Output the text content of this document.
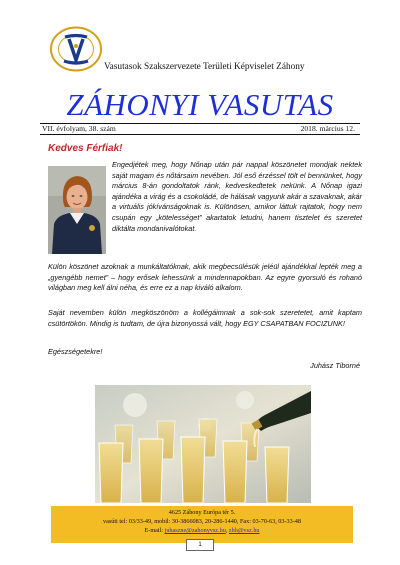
Vasutasok Szakszervezete Területi Képviselet Záhony
ZÁHONYI VASUTAS
VII. évfolyam, 38. szám	2018. március 12.
Kedves Férfiak!

Engedjétek meg, hogy Nőnap után pár nappal köszönetet mondjak nektek saját magam és nőtársaim nevében. Jól eső érzéssel tölt el bennünket, hogy március 8-án gondoltatok ránk, kedveskedtetek nekünk. A Nőnap igazi ajándéka a virág és a csokoládé, de hálásak vagyunk akár a szavaknak, akár a virtuális jókívánságoknak is. Különösen, amikor láttuk rajtatok, hogy nem csupán egy „kötelességet” akartatok letudni, hanem tisztelet és szeretet diktálta mondanivalótokat.

Külön köszönet azoknak a munkáltatóknak, akik megbecsülésük jeléül ajándékkal lepték meg a „gyengébb nemet” – hogy erősek lehessünk a mindennapokban. Az egyre gyorsuló és rohanó világban meg kell álni néha, és erre ez a nap kiváló alkalom.

Saját nevemben külön megköszönöm a kollégáimnak a sok-sok szeretetet, amit kaptam csütörtökön. Mindig is tudtam, de újra bizonyossá vált, hogy EGY CSAPATBAN FOCIZUNK!

Egészségetekre!
Juhász Tiborné
4625 Záhony Európa tér 5.
vasúti tel: 03/33-49, mobil: 30-3866083, 20-286-1440, Fax: 03-70-63, 03-33-48
E-mail: juhaszne@zahonyvsz.hu, zhh@vsz.hu
1
